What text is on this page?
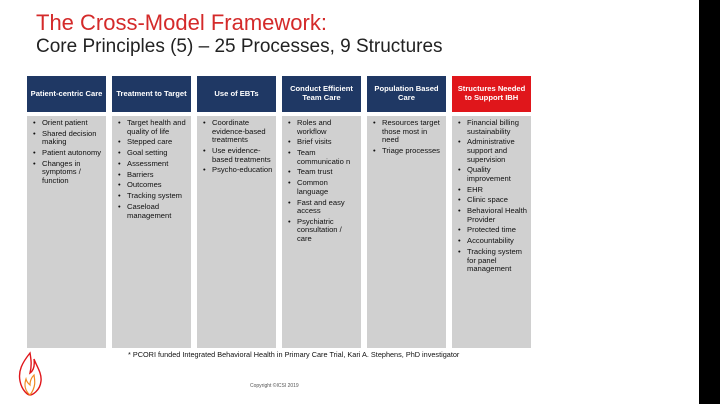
The Cross-Model Framework:
Core Principles (5) – 25 Processes, 9 Structures
Patient-centric Care
• Orient patient
• Shared decision making
• Patient autonomy
• Changes in symptoms / function
Treatment to Target
• Target health and quality of life
• Stepped care
• Goal setting
• Assessment
• Barriers
• Outcomes
• Tracking system
• Caseload management
Use of EBTs
• Coordinate evidence-based treatments
• Use evidence-based treatments
• Psycho-education
Conduct Efficient Team Care
• Roles and workflow
• Brief visits
• Team communicatio n
• Team trust
• Common language
• Fast and easy access
• Psychiatric consultation / care
Population Based Care
• Resources target those most in need
• Triage processes
Structures Needed to Support IBH
• Financial billing sustainability
• Administrative support and supervision
• Quality improvement
• EHR
• Clinic space
• Behavioral Health Provider
• Protected time
• Accountability
• Tracking system for panel management
* PCORI funded Integrated Behavioral Health in Primary Care Trial, Kari A. Stephens, PhD investigator
Copyright ©ICSI 2019
